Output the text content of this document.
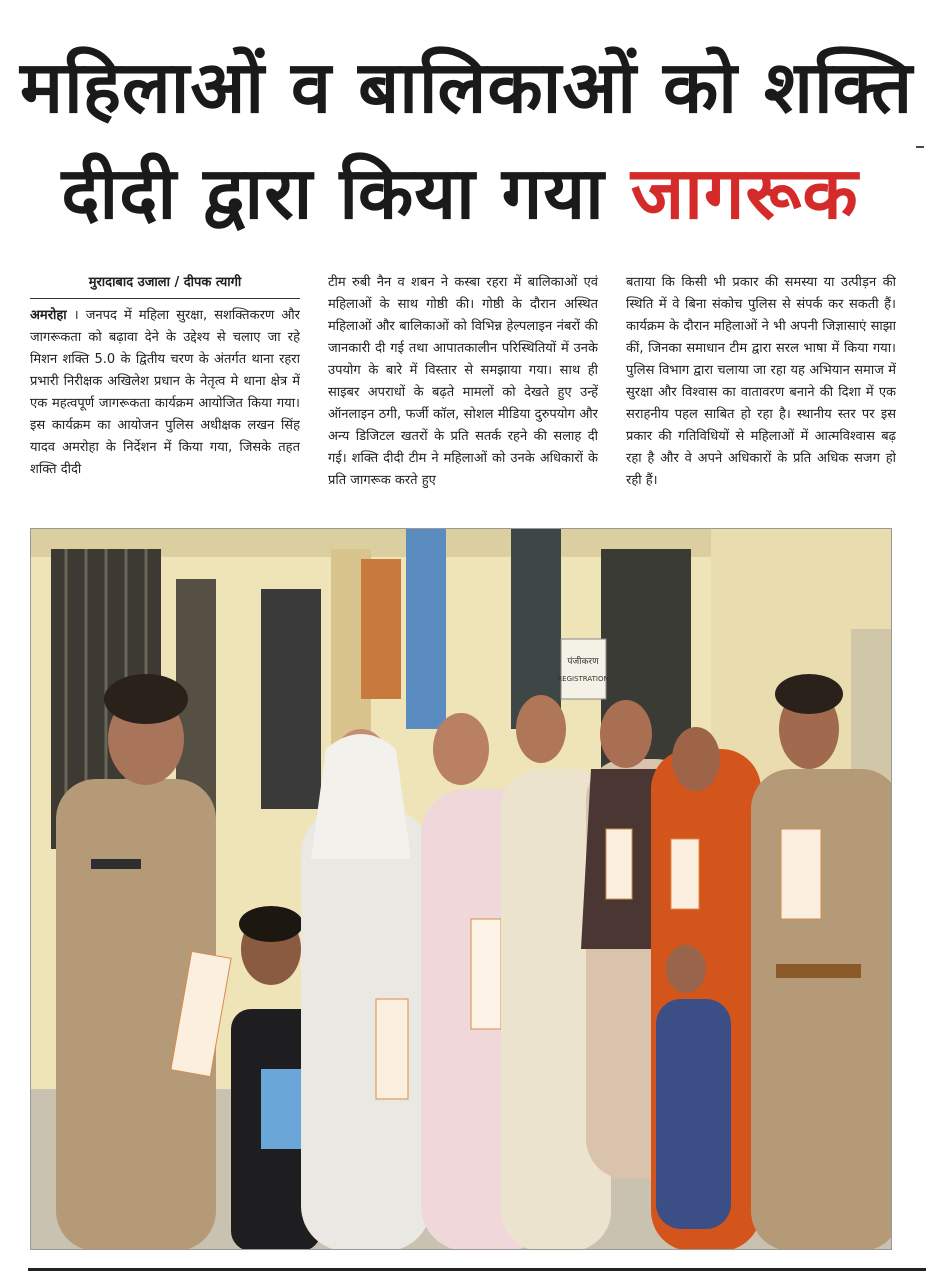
महिलाओं व बालिकाओं को शक्ति
दीदी द्वारा किया गया जागरूक
मुरादाबाद उजाला / दीपक त्यागी
अमरोहा । जनपद में महिला सुरक्षा, सशक्तिकरण और जागरूकता को बढ़ावा देने के उद्देश्य से चलाए जा रहे मिशन शक्ति 5.0 के द्वितीय चरण के अंतर्गत थाना रहरा प्रभारी निरीक्षक अखिलेश प्रधान के नेतृत्व मे थाना क्षेत्र में एक महत्वपूर्ण जागरूकता कार्यक्रम आयोजित किया गया। इस कार्यक्रम का आयोजन पुलिस अधीक्षक लखन सिंह यादव अमरोहा के निर्देशन में किया गया, जिसके तहत शक्ति दीदी
टीम रुबी नैन व शबन ने कस्बा रहरा में बालिकाओं एवं महिलाओं के साथ गोष्ठी की। गोष्ठी के दौरान अस्थित महिलाओं और बालिकाओं को विभिन्न हेल्पलाइन नंबरों की जानकारी दी गई तथा आपातकालीन परिस्थितियों में उनके उपयोग के बारे में विस्तार से समझाया गया। साथ ही साइबर अपराधों के बढ़ते मामलों को देखते हुए उन्हें ऑनलाइन ठगी, फर्जी कॉल, सोशल मीडिया दुरुपयोग और अन्य डिजिटल खतरों के प्रति सतर्क रहने की सलाह दी गई। शक्ति दीदी टीम ने महिलाओं को उनके अधिकारों के प्रति जागरूक करते हुए
बताया कि किसी भी प्रकार की समस्या या उत्पीड़न की स्थिति में वे बिना संकोच पुलिस से संपर्क कर सकती हैं। कार्यक्रम के दौरान महिलाओं ने भी अपनी जिज्ञासाएं साझा कीं, जिनका समाधान टीम द्वारा सरल भाषा में किया गया। पुलिस विभाग द्वारा चलाया जा रहा यह अभियान समाज में सुरक्षा और विश्वास का वातावरण बनाने की दिशा में एक सराहनीय पहल साबित हो रहा है। स्थानीय स्तर पर इस प्रकार की गतिविधियों से महिलाओं में आत्मविश्वास बढ़ रहा है और वे अपने अधिकारों के प्रति अधिक सजग हो रही हैं।
पंजीकरण
REGISTRATION
